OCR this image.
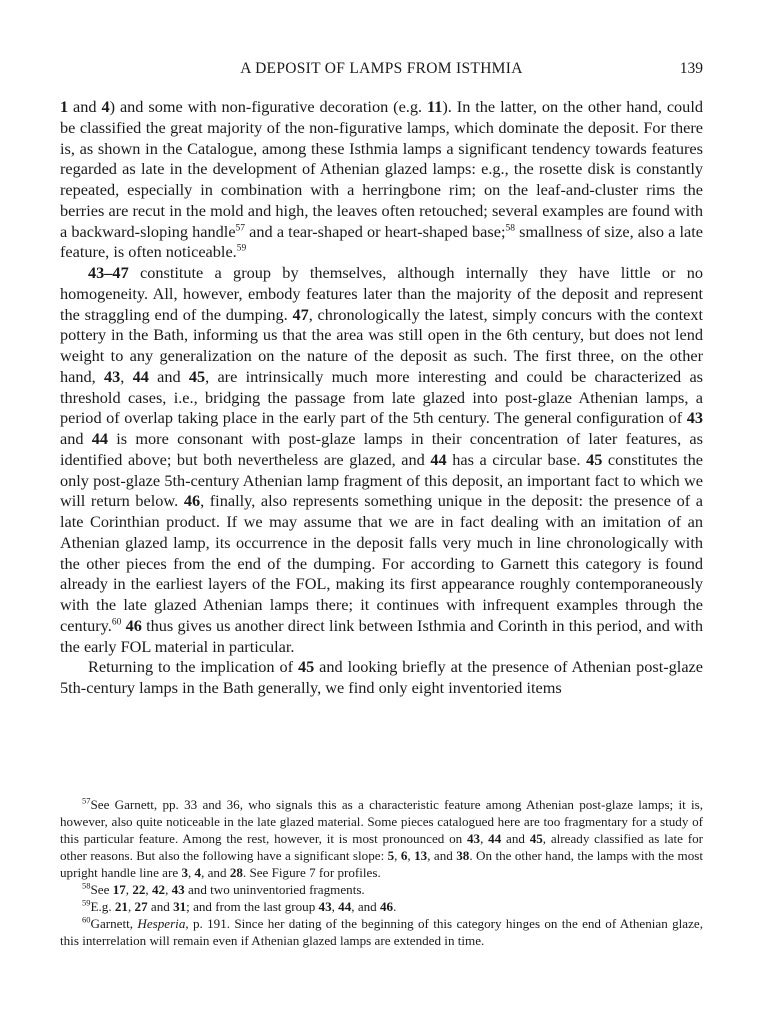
A DEPOSIT OF LAMPS FROM ISTHMIA	139

1 and 4) and some with non-figurative decoration (e.g. 11). In the latter, on the other hand, could be classified the great majority of the non-figurative lamps, which dominate the deposit. For there is, as shown in the Catalogue, among these Isthmia lamps a significant tendency towards features regarded as late in the development of Athenian glazed lamps: e.g., the rosette disk is constantly repeated, especially in combination with a herringbone rim; on the leaf-and-cluster rims the berries are recut in the mold and high, the leaves often retouched; several examples are found with a backward-sloping handle$^{57}$ and a tear-shaped or heart-shaped base;$^{58}$ smallness of size, also a late feature, is often noticeable.$^{59}$

43–47 constitute a group by themselves, although internally they have little or no homogeneity. All, however, embody features later than the majority of the deposit and represent the straggling end of the dumping. 47, chronologically the latest, simply concurs with the context pottery in the Bath, informing us that the area was still open in the 6th century, but does not lend weight to any generalization on the nature of the deposit as such. The first three, on the other hand, 43, 44 and 45, are intrinsically much more interesting and could be characterized as threshold cases, i.e., bridging the passage from late glazed into post-glaze Athenian lamps, a period of overlap taking place in the early part of the 5th century. The general configuration of 43 and 44 is more consonant with post-glaze lamps in their concentration of later features, as identified above; but both nevertheless are glazed, and 44 has a circular base. 45 constitutes the only post-glaze 5th-century Athenian lamp fragment of this deposit, an important fact to which we will return below. 46, finally, also represents something unique in the deposit: the presence of a late Corinthian product. If we may assume that we are in fact dealing with an imitation of an Athenian glazed lamp, its occurrence in the deposit falls very much in line chronologically with the other pieces from the end of the dumping. For according to Garnett this category is found already in the earliest layers of the FOL, making its first appearance roughly contemporaneously with the late glazed Athenian lamps there; it continues with infrequent examples through the century.$^{60}$ 46 thus gives us another direct link between Isthmia and Corinth in this period, and with the early FOL material in particular.

Returning to the implication of 45 and looking briefly at the presence of Athenian post-glaze 5th-century lamps in the Bath generally, we find only eight inventoried items

$^{57}$See Garnett, pp. 33 and 36, who signals this as a characteristic feature among Athenian post-glaze lamps; it is, however, also quite noticeable in the late glazed material. Some pieces catalogued here are too fragmentary for a study of this particular feature. Among the rest, however, it is most pronounced on 43, 44 and 45, already classified as late for other reasons. But also the following have a significant slope: 5, 6, 13, and 38. On the other hand, the lamps with the most upright handle line are 3, 4, and 28. See Figure 7 for profiles.

$^{58}$See 17, 22, 42, 43 and two uninventoried fragments.

$^{59}$E.g. 21, 27 and 31; and from the last group 43, 44, and 46.

$^{60}$Garnett, Hesperia, p. 191. Since her dating of the beginning of this category hinges on the end of Athenian glaze, this interrelation will remain even if Athenian glazed lamps are extended in time.
